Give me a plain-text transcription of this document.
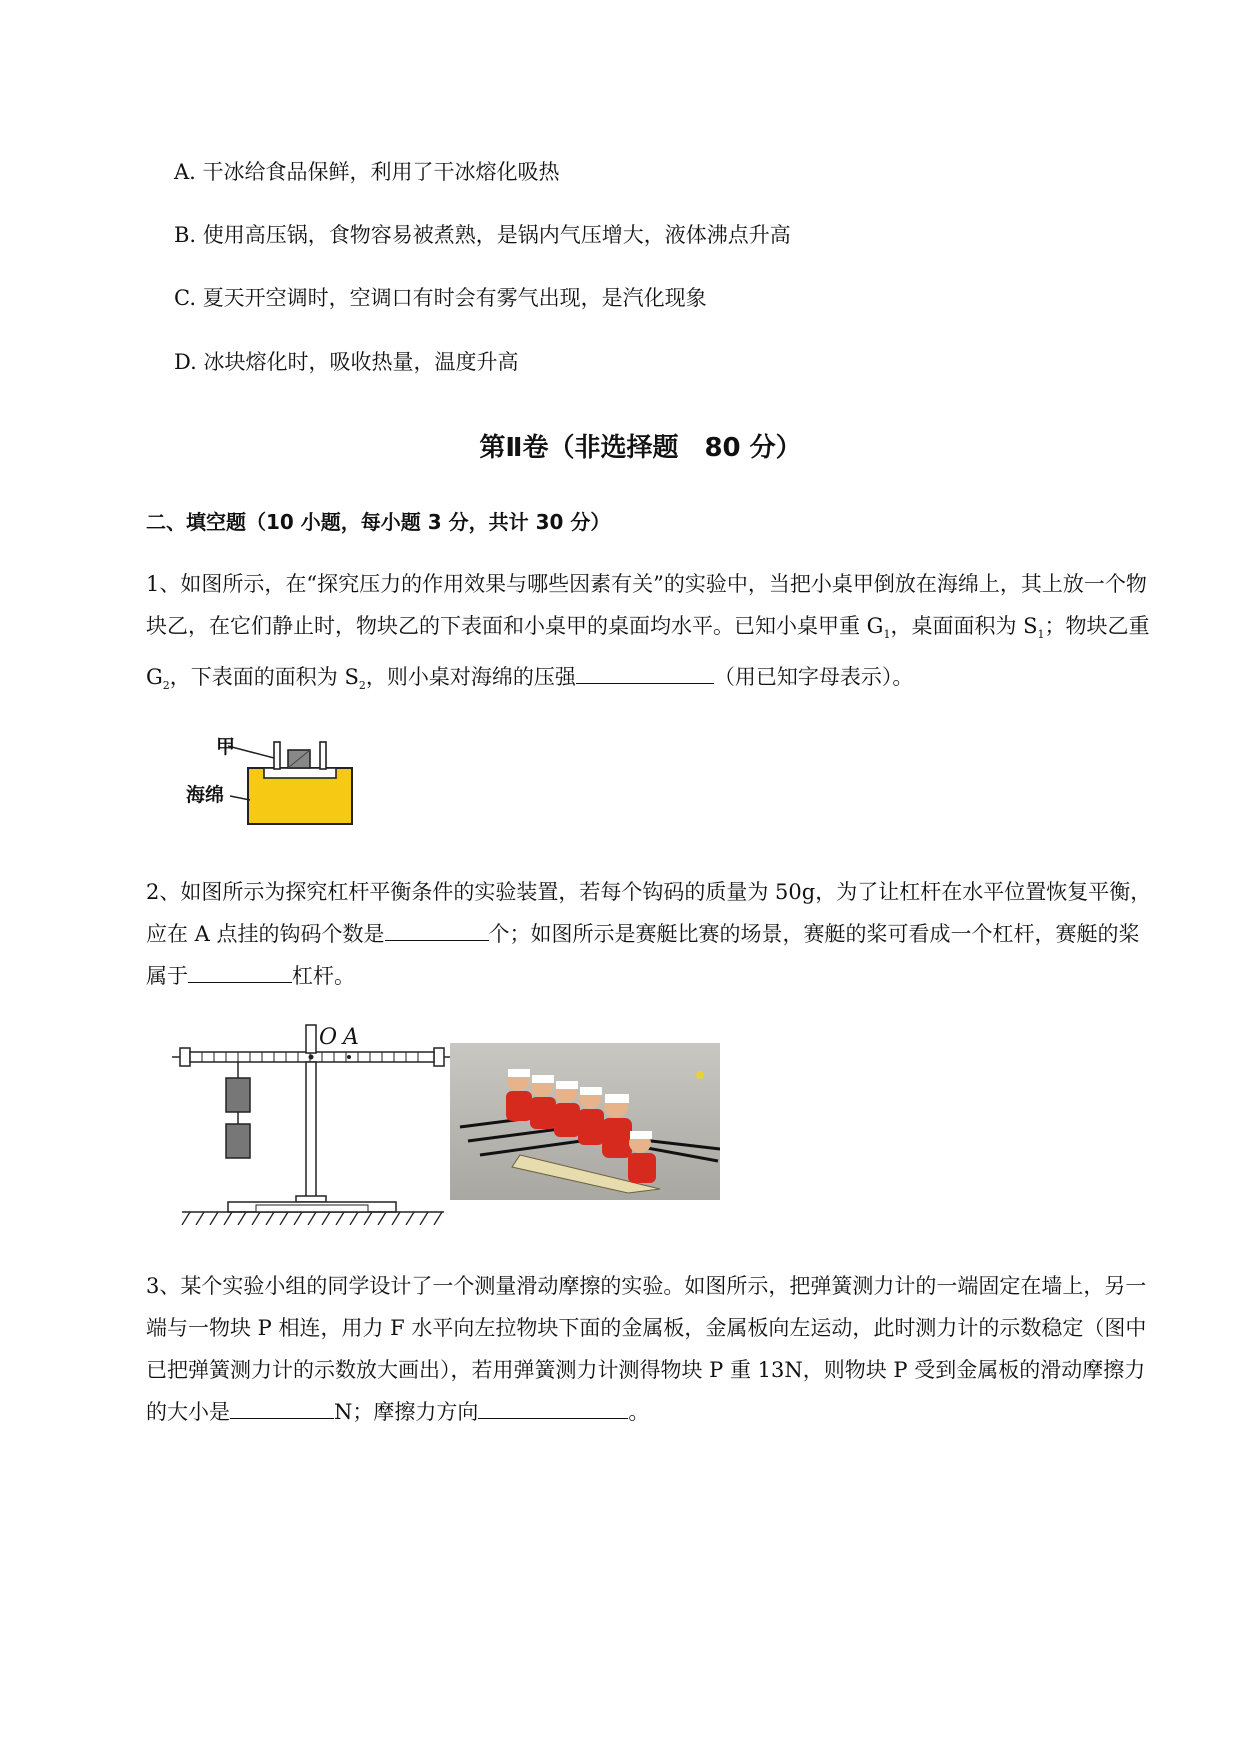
A. 干冰给食品保鲜，利用了干冰熔化吸热
B. 使用高压锅，食物容易被煮熟，是锅内气压增大，液体沸点升高
C. 夏天开空调时，空调口有时会有雾气出现，是汽化现象
D. 冰块熔化时，吸收热量，温度升高
第Ⅱ卷（非选择题　80 分）
二、填空题（10 小题，每小题 3 分，共计 30 分）
1、如图所示，在“探究压力的作用效果与哪些因素有关”的实验中，当把小桌甲倒放在海绵上，其上放一个物块乙，在它们静止时，物块乙的下表面和小桌甲的桌面均水平。已知小桌甲重 $G_1$，桌面面积为 $S_1$；物块乙重 $G_2$，下表面的面积为 $S_2$，则小桌对海绵的压强	（用已知字母表示）。
甲
海绵
2、如图所示为探究杠杆平衡条件的实验装置，若每个钩码的质量为 50g，为了让杠杆在水平位置恢复平衡，应在 A 点挂的钩码个数是	个；如图所示是赛艇比赛的场景，赛艇的桨可看成一个杠杆，赛艇的桨属于	杠杆。
O A
3、某个实验小组的同学设计了一个测量滑动摩擦的实验。如图所示，把弹簧测力计的一端固定在墙上，另一端与一物块 P 相连，用力 F 水平向左拉物块下面的金属板，金属板向左运动，此时测力计的示数稳定（图中已把弹簧测力计的示数放大画出），若用弹簧测力计测得物块 P 重 13N，则物块 P 受到金属板的滑动摩擦力的大小是	N；摩擦力方向	。
